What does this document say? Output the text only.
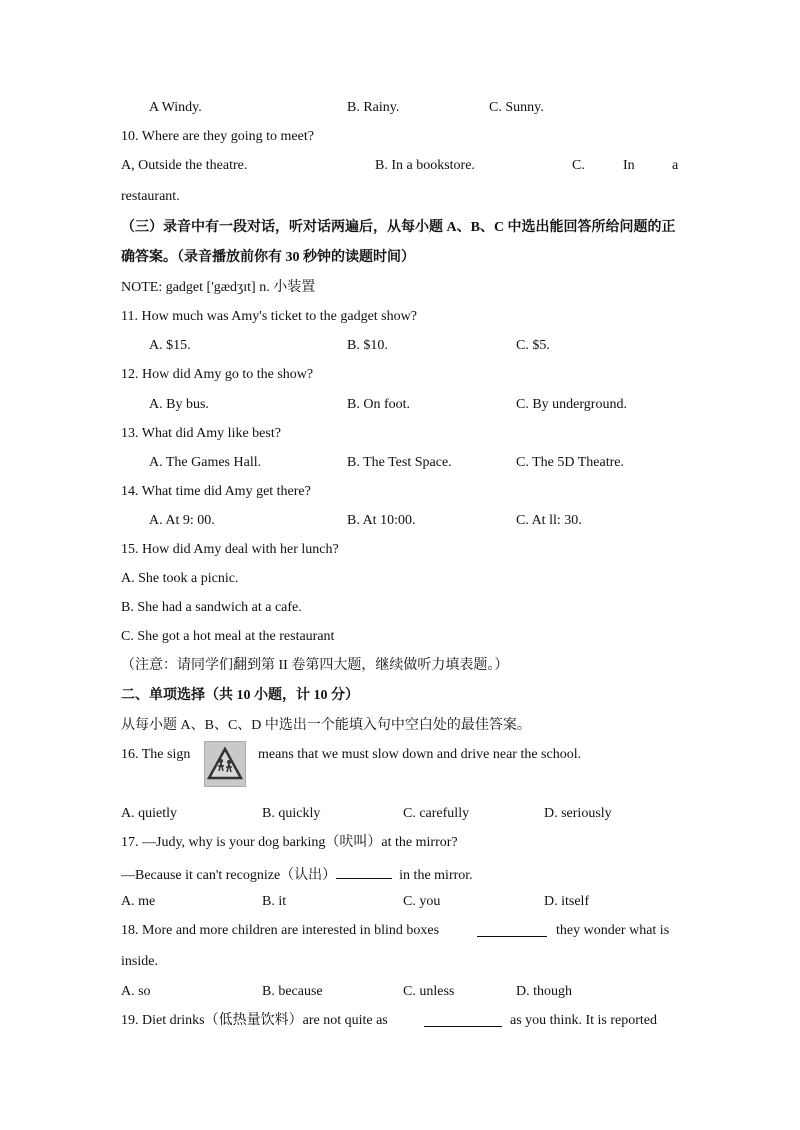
A Windy.	B. Rainy.	C. Sunny.
10. Where are they going to meet?
A, Outside the theatre.	B. In a bookstore.	C.	In	a
restaurant.
（三）录音中有一段对话，听对话两遍后，从每小题 A、B、C 中选出能回答所给问题的正
确答案。（录音播放前你有 30 秒钟的读题时间）
NOTE: gadget ['gædʒɪt] n. 小装置
11. How much was Amy's ticket to the gadget show?
A. $15.	B. $10.	C. $5.
12. How did Amy go to the show?
A. By bus.	B. On foot.	C. By underground.
13. What did Amy like best?
A. The Games Hall.	B. The Test Space.	C. The 5D Theatre.
14. What time did Amy get there?
A. At 9: 00.	B. At 10:00.	C. At ll: 30.
15. How did Amy deal with her lunch?
A. She took a picnic.
B. She had a sandwich at a cafe.
C. She got a hot meal at the restaurant
（注意：请同学们翻到第 II 卷第四大题，继续做听力填表题。）
二、单项选择（共 10 小题，计 10 分）
从每小题 A、B、C、D 中选出一个能填入句中空白处的最佳答案。
16. The sign	means that we must slow down and drive near the school.
A. quietly	B. quickly	C. carefully	D. seriously
17. —Judy, why is your dog barking（吠叫）at the mirror?
—Because it can't recognize（认出）	in the mirror.
A. me	B. it	C. you	D. itself
18. More and more children are interested in blind boxes	they wonder what is
inside.
A. so	B. because	C. unless	D. though
19. Diet drinks（低热量饮料）are not quite as	as you think. It is reported
